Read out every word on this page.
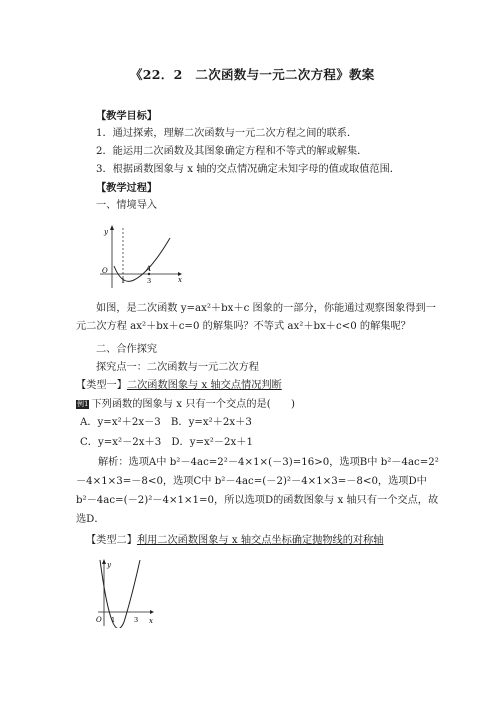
《22．2　二次函数与一元二次方程》教案
【教学目标】
1．通过探索，理解二次函数与一元二次方程之间的联系．
2．能运用二次函数及其图象确定方程和不等式的解或解集．
3．根据函数图象与 x 轴的交点情况确定未知字母的值或取值范围．
【教学过程】
一、情境导入
y
x
O	A
1	3
如图，是二次函数 y=ax²＋bx＋c 图象的一部分，你能通过观察图象得到一
元二次方程 ax²＋bx＋c=0 的解集吗？不等式 ax²＋bx＋c<0 的解集呢？
二、合作探究
探究点一：二次函数与一元二次方程
【类型一】二次函数图象与 x 轴交点情况判断
例1 下列函数的图象与 x 只有一个交点的是(　　)
A．y=x²＋2x－3　B．y=x²＋2x＋3
C．y=x²－2x＋3　D．y=x²－2x＋1
解析：选项A中 b²－4ac=2²－4×1×(－3)=16>0，选项B中 b²－4ac=2²
－4×1×3=－8<0，选项C中 b²－4ac=(－2)²－4×1×3=－8<0，选项D中
b²－4ac=(－2)²－4×1×1=0，所以选项D的函数图象与 x 轴只有一个交点，故
选D．
【类型二】利用二次函数图象与 x 轴交点坐标确定抛物线的对称轴
y
x
O 1	3
